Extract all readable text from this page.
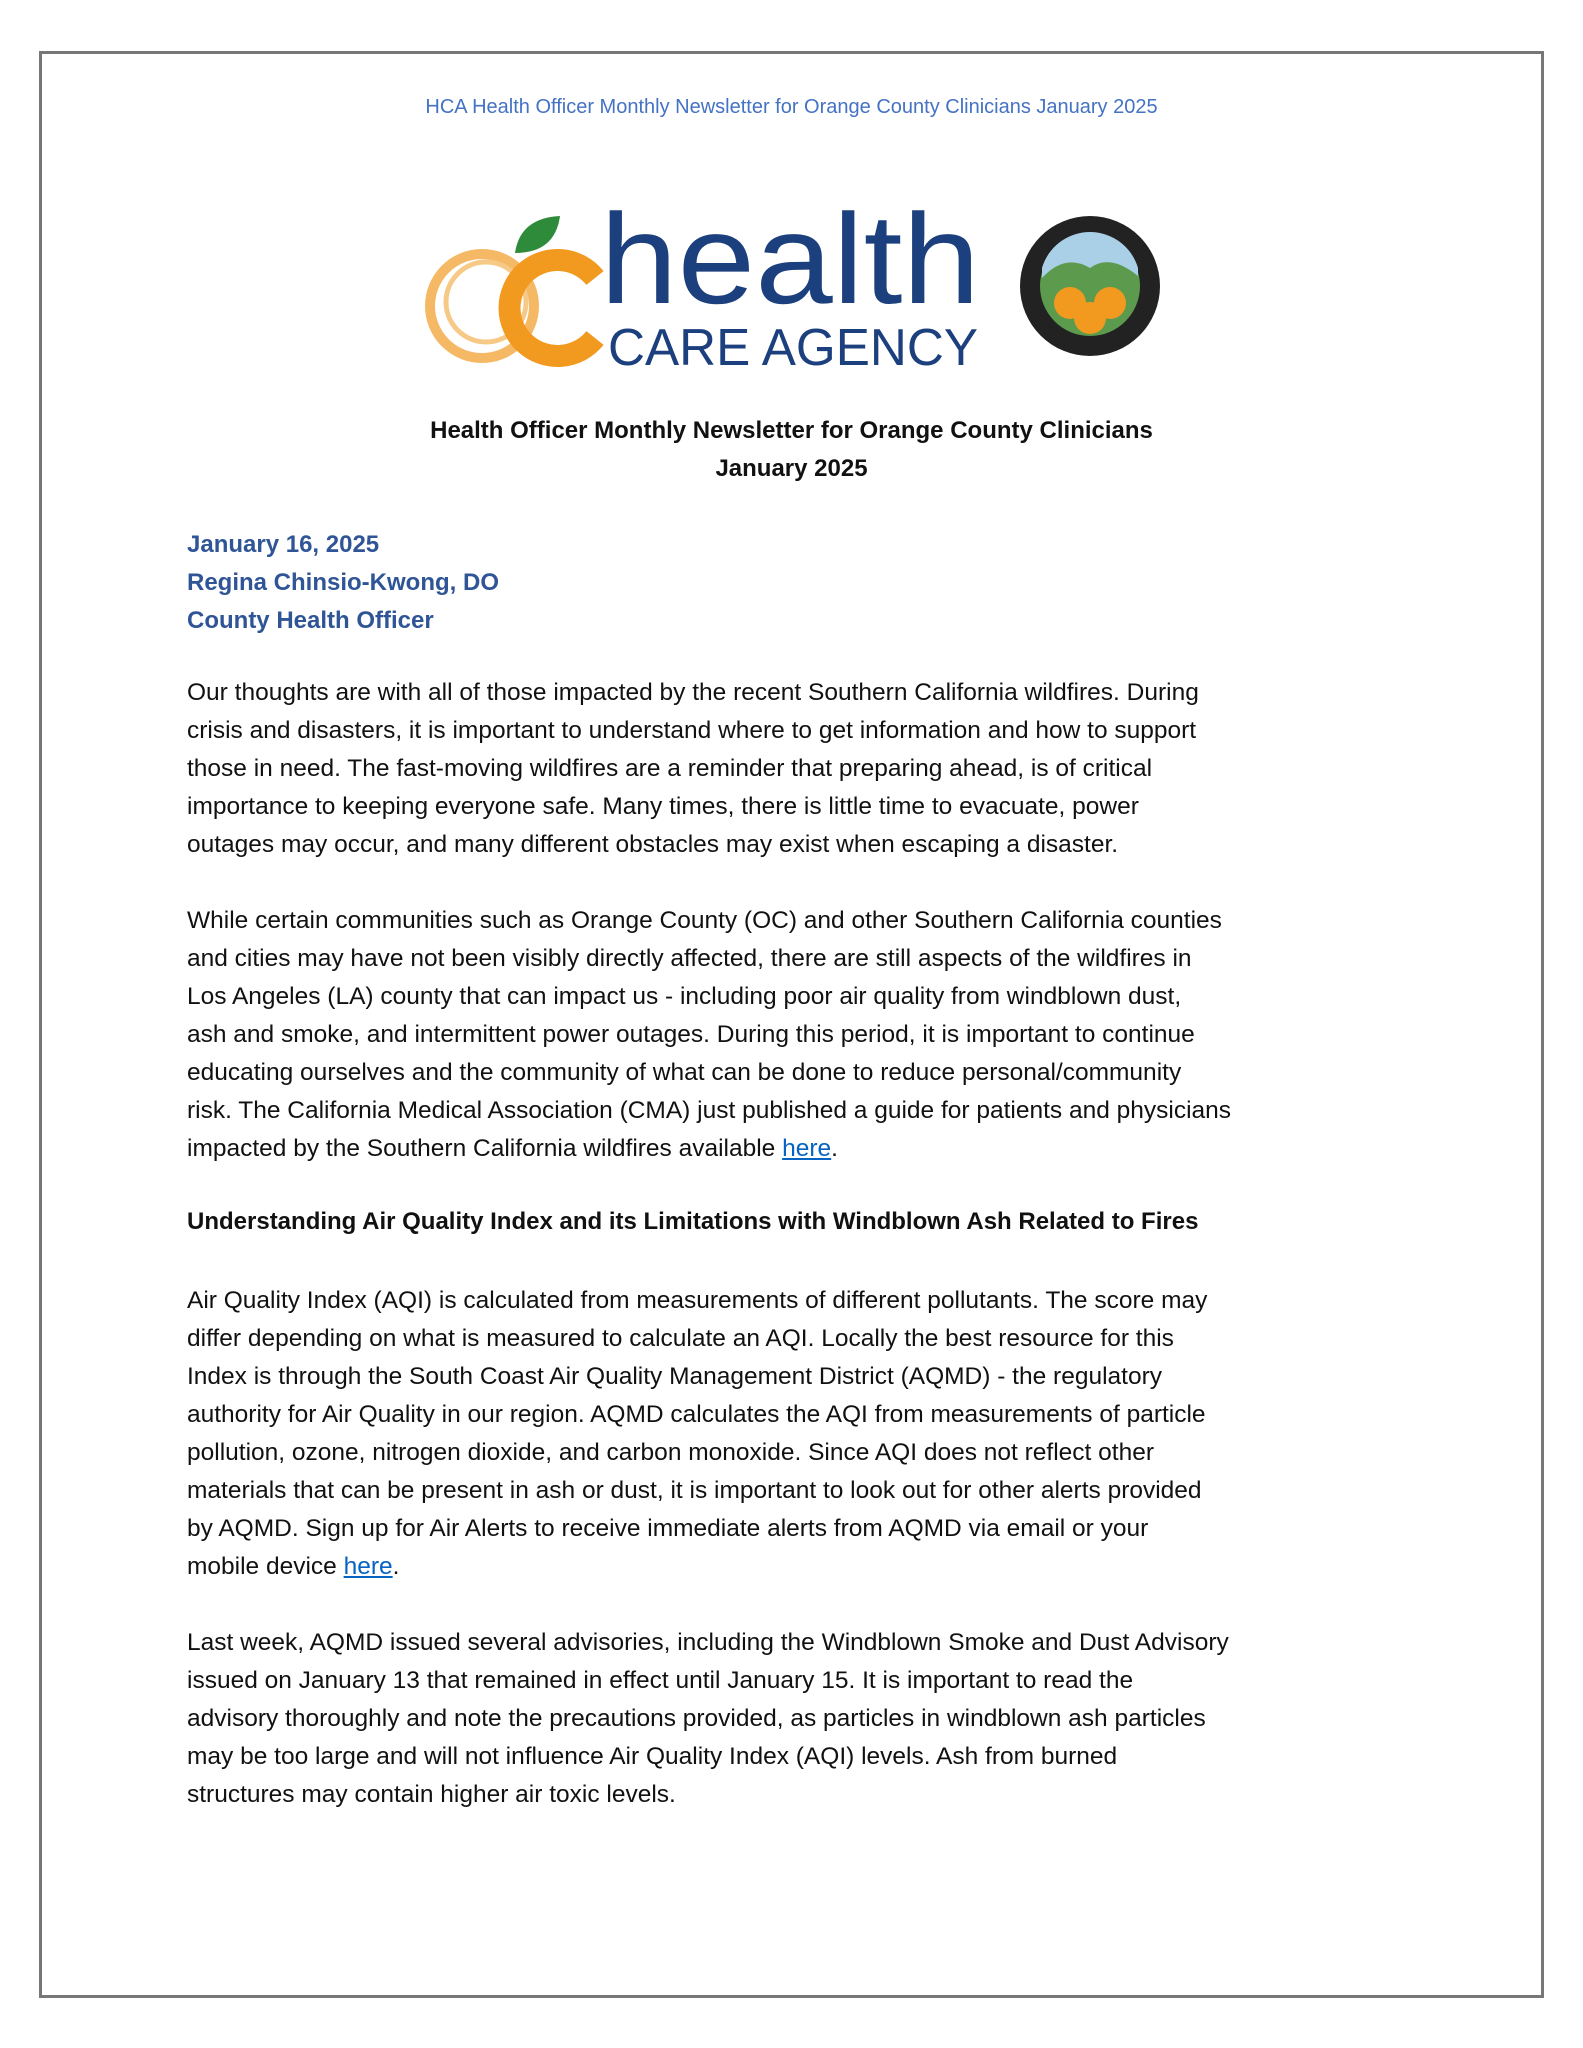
HCA Health Officer Monthly Newsletter for Orange County Clinicians January 2025
health
CARE AGENCY
Health Officer Monthly Newsletter for Orange County Clinicians
January 2025
January 16, 2025
Regina Chinsio-Kwong, DO
County Health Officer
Our thoughts are with all of those impacted by the recent Southern California wildfires. During
crisis and disasters, it is important to understand where to get information and how to support
those in need. The fast-moving wildfires are a reminder that preparing ahead, is of critical
importance to keeping everyone safe. Many times, there is little time to evacuate, power
outages may occur, and many different obstacles may exist when escaping a disaster.
While certain communities such as Orange County (OC) and other Southern California counties
and cities may have not been visibly directly affected, there are still aspects of the wildfires in
Los Angeles (LA) county that can impact us - including poor air quality from windblown dust,
ash and smoke, and intermittent power outages. During this period, it is important to continue
educating ourselves and the community of what can be done to reduce personal/community
risk. The California Medical Association (CMA) just published a guide for patients and physicians
impacted by the Southern California wildfires available here.
Understanding Air Quality Index and its Limitations with Windblown Ash Related to Fires
Air Quality Index (AQI) is calculated from measurements of different pollutants. The score may
differ depending on what is measured to calculate an AQI. Locally the best resource for this
Index is through the South Coast Air Quality Management District (AQMD) - the regulatory
authority for Air Quality in our region. AQMD calculates the AQI from measurements of particle
pollution, ozone, nitrogen dioxide, and carbon monoxide. Since AQI does not reflect other
materials that can be present in ash or dust, it is important to look out for other alerts provided
by AQMD. Sign up for Air Alerts to receive immediate alerts from AQMD via email or your
mobile device here.
Last week, AQMD issued several advisories, including the Windblown Smoke and Dust Advisory
issued on January 13 that remained in effect until January 15. It is important to read the
advisory thoroughly and note the precautions provided, as particles in windblown ash particles
may be too large and will not influence Air Quality Index (AQI) levels. Ash from burned
structures may contain higher air toxic levels.
